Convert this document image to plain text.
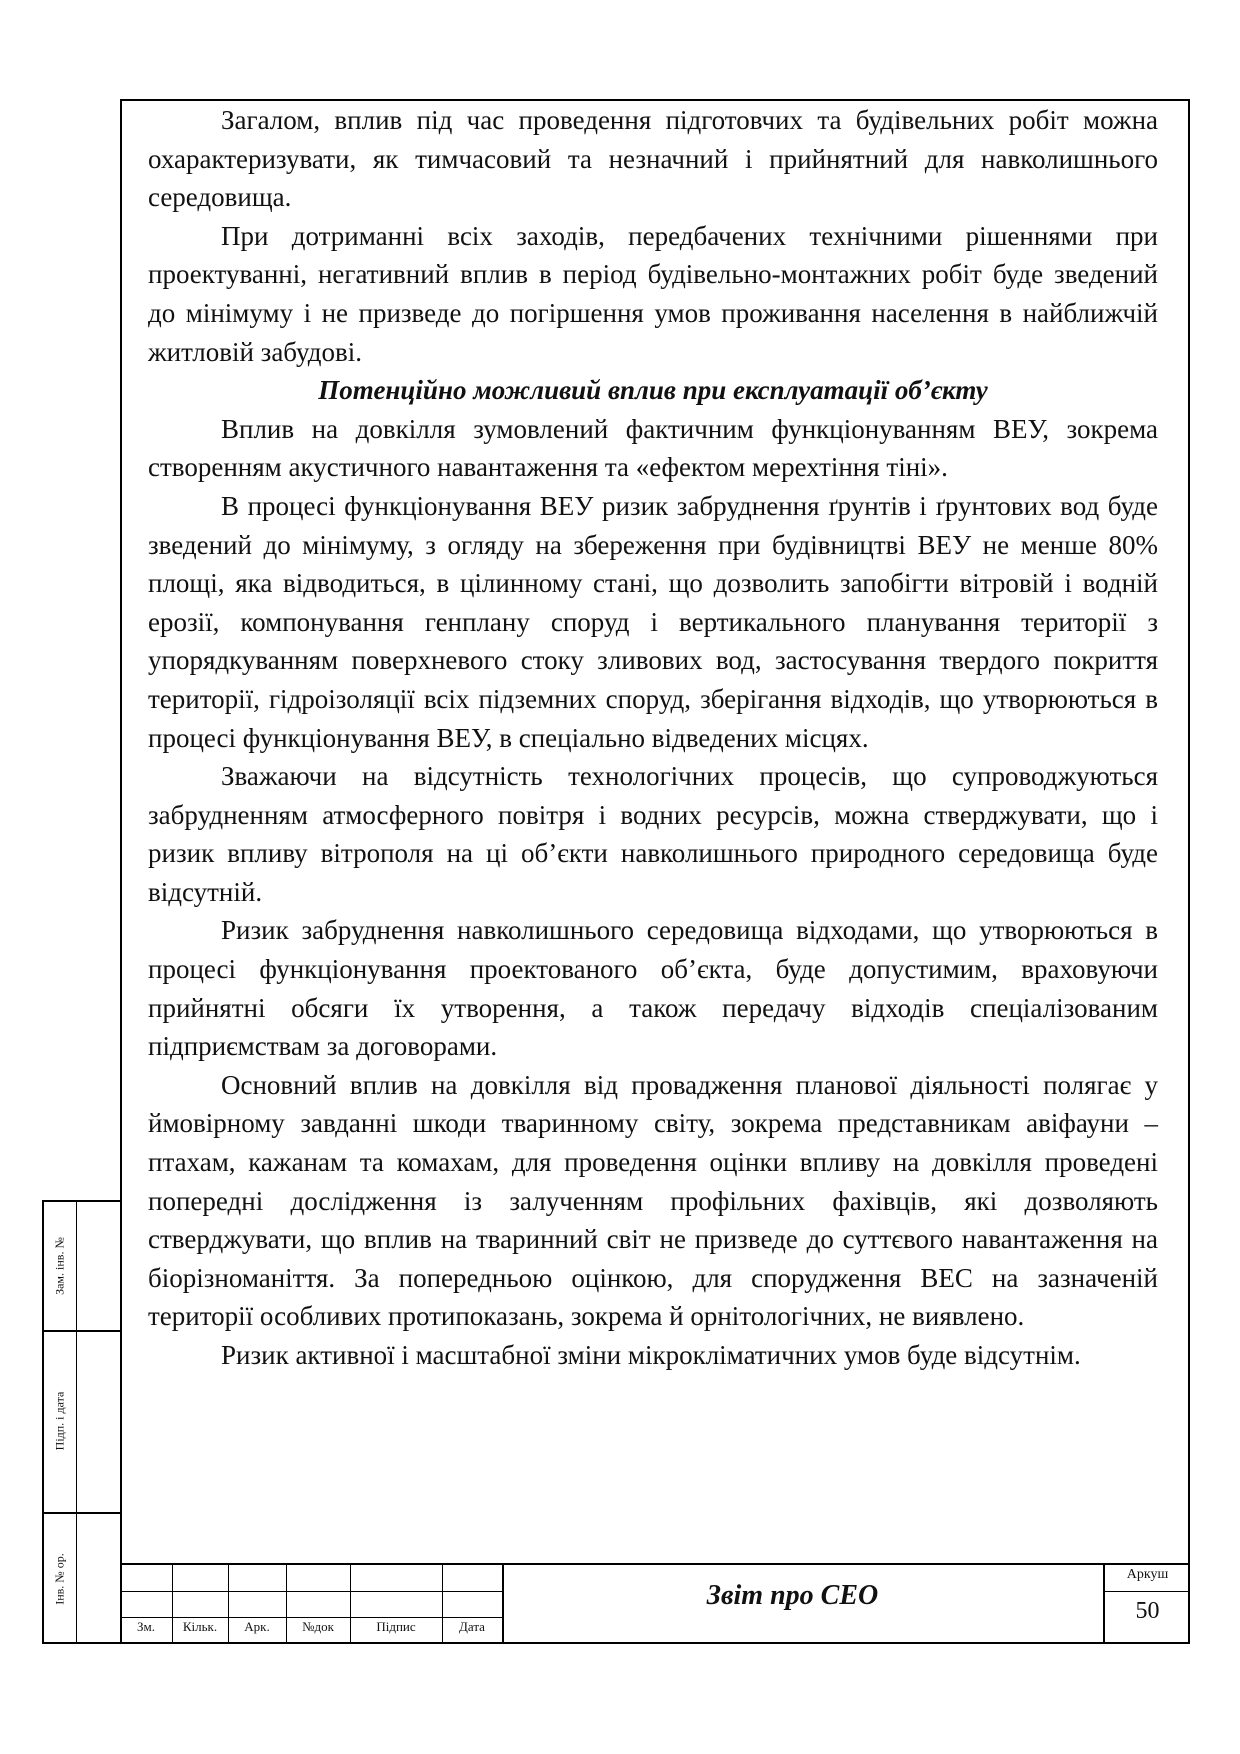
Загалом, вплив під час проведення підготовчих та будівельних робіт можна охарактеризувати, як тимчасовий та незначний і прийнятний для навколишнього середовища.

При дотриманні всіх заходів, передбачених технічними рішеннями при проектуванні, негативний вплив в період будівельно-монтажних робіт буде зведений до мінімуму і не призведе до погіршення умов проживання населення в найближчій житловій забудові.

Потенційно можливий вплив при експлуатації об’єкту

Вплив на довкілля зумовлений фактичним функціонуванням ВЕУ, зокрема створенням акустичного навантаження та «ефектом мерехтіння тіні».

В процесі функціонування ВЕУ ризик забруднення ґрунтів і ґрунтових вод буде зведений до мінімуму, з огляду на збереження при будівництві ВЕУ не менше 80% площі, яка відводиться, в цілинному стані, що дозволить запобігти вітровій і водній ерозії, компонування генплану споруд і вертикального планування території з упорядкуванням поверхневого стоку зливових вод, застосування твердого покриття території, гідроізоляції всіх підземних споруд, зберігання відходів, що утворюються в процесі функціонування ВЕУ, в спеціально відведених місцях.

Зважаючи на відсутність технологічних процесів, що супроводжуються забрудненням атмосферного повітря і водних ресурсів, можна стверджувати, що і ризик впливу вітрополя на ці об’єкти навколишнього природного середовища буде відсутній.

Ризик забруднення навколишнього середовища відходами, що утворюються в процесі функціонування проектованого об’єкта, буде допустимим, враховуючи прийнятні обсяги їх утворення, а також передачу відходів спеціалізованим підприємствам за договорами.

Основний вплив на довкілля від провадження планової діяльності полягає у ймовірному завданні шкоди тваринному світу, зокрема представникам авіфауни – птахам, кажанам та комахам, для проведення оцінки впливу на довкілля проведені попередні дослідження із залученням профільних фахівців, які дозволяють стверджувати, що вплив на тваринний світ не призведе до суттєвого навантаження на біорізноманіття. За попередньою оцінкою, для спорудження ВЕС на зазначеній території особливих протипоказань, зокрема й орнітологічних, не виявлено.

Ризик активної і масштабної зміни мікрокліматичних умов буде відсутнім.

Зам. інв. №
Підп. і дата
Інв. № ор.
Зм.	Кільк.	Арк.	№док	Підпис	Дата
Звіт про СЕО
Аркуш
50
